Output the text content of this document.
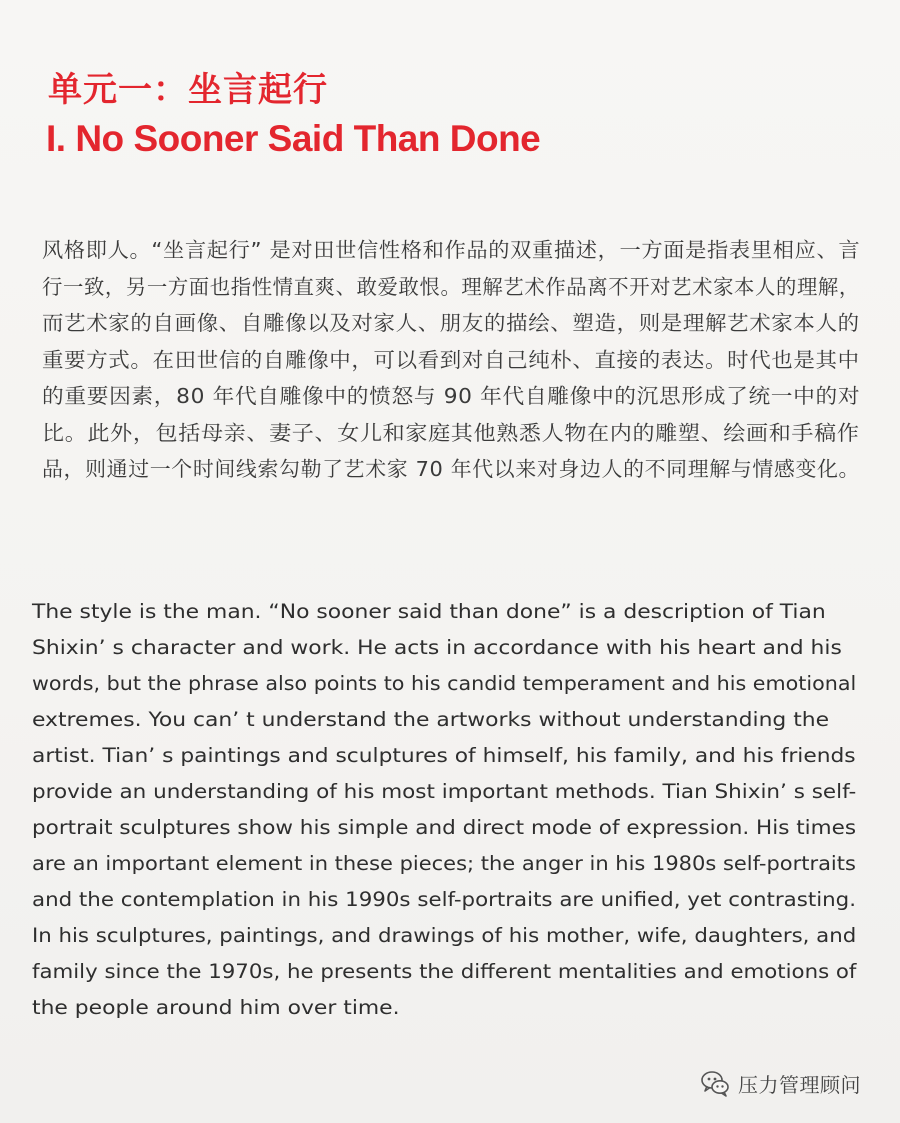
单元一：坐言起行
I. No Sooner Said Than Done
风格即人。“坐言起行” 是对田世信性格和作品的双重描述，一方面是指表里相应、言
行一致，另一方面也指性情直爽、敢爱敢恨。理解艺术作品离不开对艺术家本人的理解，
而艺术家的自画像、自雕像以及对家人、朋友的描绘、塑造，则是理解艺术家本人的
重要方式。在田世信的自雕像中，可以看到对自己纯朴、直接的表达。时代也是其中
的重要因素，80 年代自雕像中的愤怒与 90 年代自雕像中的沉思形成了统一中的对
比。此外，包括母亲、妻子、女儿和家庭其他熟悉人物在内的雕塑、绘画和手稿作
品，则通过一个时间线索勾勒了艺术家 70 年代以来对身边人的不同理解与情感变化。
The style is the man. “No sooner said than done” is a description of Tian
Shixin’ s character and work. He acts in accordance with his heart and his
words, but the phrase also points to his candid temperament and his emotional
extremes. You can’ t understand the artworks without understanding the
artist. Tian’ s paintings and sculptures of himself, his family, and his friends
provide an understanding of his most important methods. Tian Shixin’ s self-
portrait sculptures show his simple and direct mode of expression. His times
are an important element in these pieces; the anger in his 1980s self-portraits
and the contemplation in his 1990s self-portraits are unified, yet contrasting.
In his sculptures, paintings, and drawings of his mother, wife, daughters, and
family since the 1970s, he presents the different mentalities and emotions of
the people around him over time.
压力管理顾问
